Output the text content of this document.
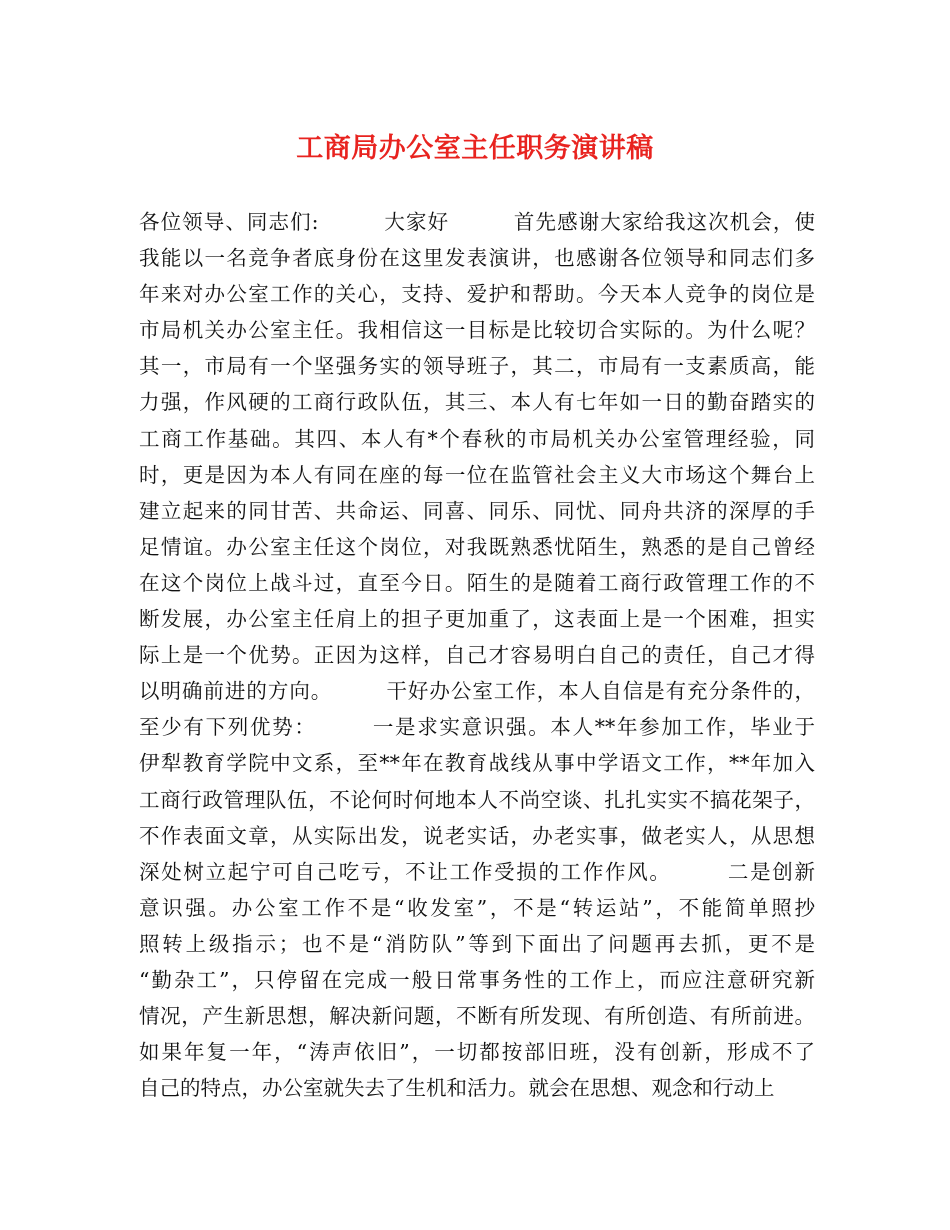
工商局办公室主任职务演讲稿
各位领导、同志们:　　　大家好　　　首先感谢大家给我这次机会，使
我能以一名竞争者底身份在这里发表演讲，也感谢各位领导和同志们多
年来对办公室工作的关心，支持、爱护和帮助。今天本人竞争的岗位是
市局机关办公室主任。我相信这一目标是比较切合实际的。为什么呢？
其一，市局有一个坚强务实的领导班子，其二，市局有一支素质高，能
力强，作风硬的工商行政队伍，其三、本人有七年如一日的勤奋踏实的
工商工作基础。其四、本人有*个春秋的市局机关办公室管理经验，同
时，更是因为本人有同在座的每一位在监管社会主义大市场这个舞台上
建立起来的同甘苦、共命运、同喜、同乐、同忧、同舟共济的深厚的手
足情谊。办公室主任这个岗位，对我既熟悉忧陌生，熟悉的是自己曾经
在这个岗位上战斗过，直至今日。陌生的是随着工商行政管理工作的不
断发展，办公室主任肩上的担子更加重了，这表面上是一个困难，担实
际上是一个优势。正因为这样，自己才容易明白自己的责任，自己才得
以明确前进的方向。　　　干好办公室工作，本人自信是有充分条件的，
至少有下列优势：　　　一是求实意识强。本人**年参加工作，毕业于
伊犁教育学院中文系，至**年在教育战线从事中学语文工作，**年加入
工商行政管理队伍，不论何时何地本人不尚空谈、扎扎实实不搞花架子，
不作表面文章，从实际出发，说老实话，办老实事，做老实人，从思想
深处树立起宁可自己吃亏，不让工作受损的工作作风。　　　二是创新
意识强。办公室工作不是“收发室”，不是“转运站”，不能简单照抄
照转上级指示；也不是“消防队”等到下面出了问题再去抓，更不是
“勤杂工”，只停留在完成一般日常事务性的工作上，而应注意研究新
情况，产生新思想，解决新问题，不断有所发现、有所创造、有所前进。
如果年复一年，“涛声依旧”，一切都按部旧班，没有创新，形成不了
自己的特点，办公室就失去了生机和活力。就会在思想、观念和行动上
